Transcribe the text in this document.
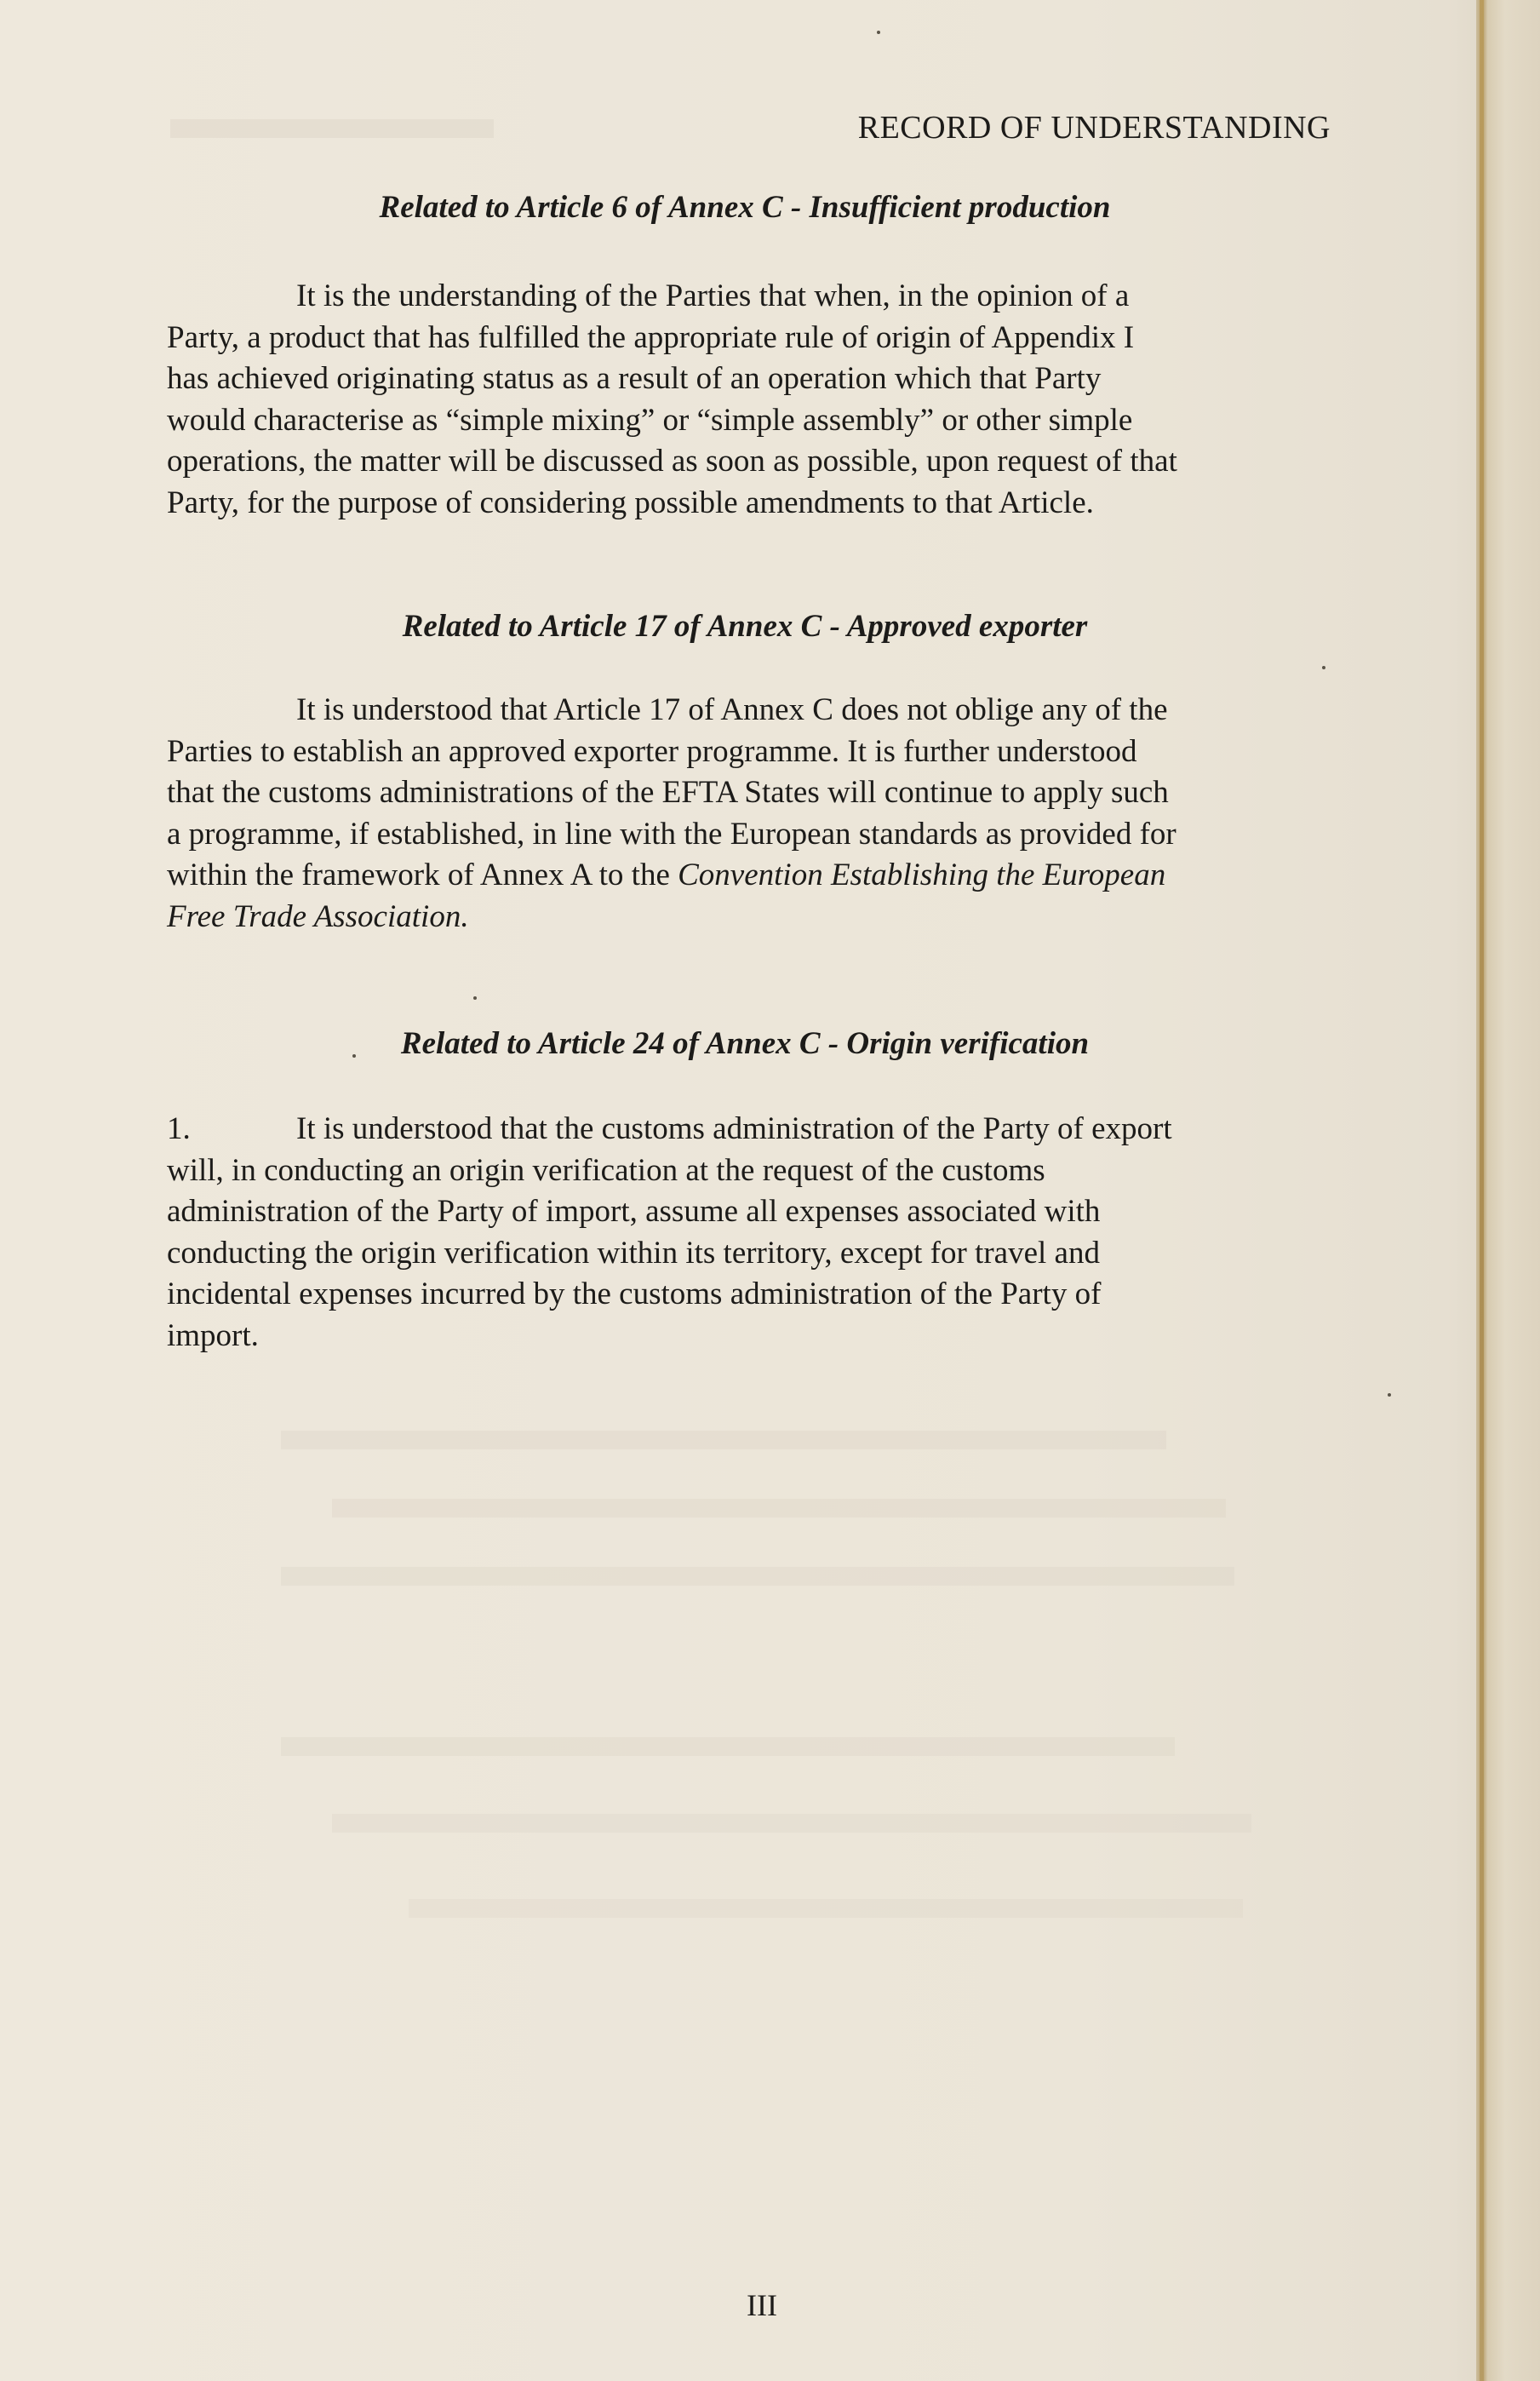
RECORD OF UNDERSTANDING
Related to Article 6 of Annex C - Insufficient production
It is the understanding of the Parties that when, in the opinion of a
Party, a product that has fulfilled the appropriate rule of origin of Appendix I
has achieved originating status as a result of an operation which that Party
would characterise as “simple mixing” or “simple assembly” or other simple
operations, the matter will be discussed as soon as possible, upon request of that
Party, for the purpose of considering possible amendments to that Article.
Related to Article 17 of Annex C - Approved exporter
It is understood that Article 17 of Annex C does not oblige any of the
Parties to establish an approved exporter programme. It is further understood
that the customs administrations of the EFTA States will continue to apply such
a programme, if established, in line with the European standards as provided for
within the framework of Annex A to the Convention Establishing the European
Free Trade Association.
Related to Article 24 of Annex C - Origin verification
1.	It is understood that the customs administration of the Party of export
will, in conducting an origin verification at the request of the customs
administration of the Party of import, assume all expenses associated with
conducting the origin verification within its territory, except for travel and
incidental expenses incurred by the customs administration of the Party of
import.
III
